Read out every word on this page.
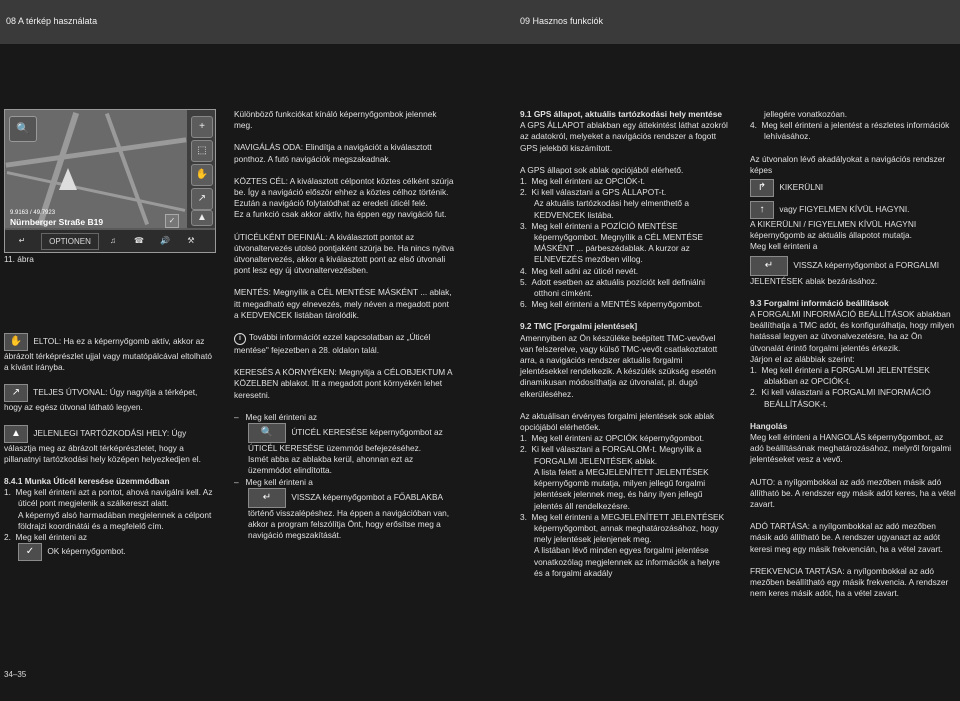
08 A térkép használata
🔍	+
⬚
✋
↗
▲
9.9163 / 49.7923
Nürnberger Straße B19	✓
↵	OPTIONEN	♫	☎	🔊	⚒
11. ábra

✋ ELTOL: Ha ez a képernyőgomb aktív, akkor az ábrázolt térképrészlet ujjal vagy mutatópálcával eltolható a kívánt irányba.

↗ TELJES ÚTVONAL: Úgy nagyítja a térképet, hogy az egész útvonal látható legyen.

▲ JELENLEGI TARTÓZKODÁSI HELY: Úgy választja meg az ábrázolt térképrészletet, hogy a pillanatnyi tartózkodási hely középen helyezkedjen el.

8.4.1 Munka Úticél keresése üzemmódban

1. Meg kell érinteni azt a pontot, ahová navigálni kell. Az úticél pont megjelenik a szálkereszt alatt.

A képernyő alsó harmadában megjelennek a célpont földrajzi koordinátái és a megfelelő cím.

2. Meg kell érinteni az

✓ OK képernyőgombot.

Különböző funkciókat kínáló képernyőgombok jelennek meg.

NAVIGÁLÁS ODA: Elindítja a navigációt a kiválasztott ponthoz. A futó navigációk megszakadnak.

KÖZTES CÉL: A kiválasztott célpontot köztes célként szúrja be. Így a navigáció először ehhez a köztes célhoz történik. Ezután a navigáció folytatódhat az eredeti úticél felé.

Ez a funkció csak akkor aktív, ha éppen egy navigáció fut.

ÚTICÉLKÉNT DEFINIÁL: A kiválasztott pontot az útvonaltervezés utolsó pontjaként szúrja be. Ha nincs nyitva útvonaltervezés, akkor a kiválasztott pont az első útvonali pont lesz egy új útvonaltervezésben.

MENTÉS: Megnyílik a CÉL MENTÉSE MÁSKÉNT ... ablak, itt megadható egy elnevezés, mely néven a megadott pont a KEDVENCEK listában tárolódik.

i További információt ezzel kapcsolatban az „Úticél mentése" fejezetben a 28. oldalon talál.

KERESÉS A KÖRNYÉKEN: Megnyitja a CÉLOBJEKTUM A KÖZELBEN ablakot. Itt a megadott pont környékén lehet keresetni.

– Meg kell érinteni az

🔍 ÚTICÉL KERESÉSE képernyőgombot az ÚTICÉL KERESÉSE üzemmód befejezéséhez.

Ismét abba az ablakba kerül, ahonnan ezt az üzemmódot elindította.

– Meg kell érinteni a

↵ VISSZA képernyőgombot a FŐABLAKBA történő visszalépéshez. Ha éppen a navigációban van, akkor a program felszólítja Önt, hogy erősítse meg a navigáció megszakítását.

34–35
09 Hasznos funkciók

9.1 GPS állapot, aktuális tartózkodási hely mentése

A GPS ÁLLAPOT ablakban egy áttekintést láthat azokról az adatokról, melyeket a navigációs rendszer a fogott GPS jelekből kiszámított.

A GPS állapot sok ablak opciójából elérhető.

1.  Meg kell érinteni az OPCIÓK-t.

2.  Ki kell választani a GPS ÁLLAPOT-t.

Az aktuális tartózkodási hely elmenthető a KEDVENCEK listába.

3.  Meg kell érinteni a POZÍCIÓ MENTÉSE képernyőgombot. Megnyílik a CÉL MENTÉSE MÁSKÉNT ... párbeszédablak. A kurzor az ELNEVEZÉS mezőben villog.

4.  Meg kell adni az úticél nevét.

5.  Adott esetben az aktuális pozíciót kell definiálni otthoni címként.

6.  Meg kell érinteni a MENTÉS képernyőgombot.

9.2 TMC [Forgalmi jelentések]

Amennyiben az Ön készüléke beépített TMC-vevővel van felszerelve, vagy külső TMC-vevőt csatlakoztatott arra, a navigációs rendszer aktuális forgalmi jelentésekkel rendelkezik. A készülék szükség esetén dinamikusan módosíthatja az útvonalat, pl. dugó elkerüléséhez.

Az aktuálisan érvényes forgalmi jelentések sok ablak opciójából elérhetőek.

1.  Meg kell érinteni az OPCIÓK képernyőgombot.

2.  Ki kell választani a FORGALOM-t. Megnyílik a FORGALMI JELENTÉSEK ablak.

A lista felett a MEGJELENÍTETT JELENTÉSEK képernyőgomb mutatja, milyen jellegű forgalmi jelentések jelennek meg, és hány ilyen jellegű jelentés áll rendelkezésre.

3.  Meg kell érinteni a MEGJELENÍTETT JELENTÉSEK képernyőgombot, annak meghatározásához, hogy mely jelentések jelenjenek meg.

A listában lévő minden egyes forgalmi jelentése vonatkozólag megjelennek az információk a helyre és a forgalmi akadály

jellegére vonatkozóan.

4.  Meg kell érinteni a jelentést a részletes információk lehívásához.

Az útvonalon lévő akadályokat a navigációs rendszer képes

↱ KIKERÜLNI

↑ vagy FIGYELMEN KÍVÜL HAGYNI.

A KIKERÜLNI / FIGYELMEN KÍVÜL HAGYNI képernyőgomb az aktuális állapotot mutatja.

Meg kell érinteni a

↵ VISSZA képernyőgombot a FORGALMI JELENTÉSEK ablak bezárásához.

9.3 Forgalmi információ beállítások

A FORGALMI INFORMÁCIÓ BEÁLLÍTÁSOK ablakban beállíthatja a TMC adót, és konfigurálhatja, hogy milyen hatással legyen az útvonalvezetésre, ha az Ön útvonalát érintő forgalmi jelentés érkezik.

Járjon el az alábbiak szerint:

1.  Meg kell érinteni a FORGALMI JELENTÉSEK ablakban az OPCIÓK-t.

2.  Ki kell választani a FORGALMI INFORMÁCIÓ BEÁLLÍTÁSOK-t.

Hangolás

Meg kell érinteni a HANGOLÁS képernyőgombot, az adó beállításának meghatározásához, melyről forgalmi jelentéseket vesz a vevő.

AUTO: a nyílgombokkal az adó mezőben másik adó állítható be. A rendszer egy másik adót keres, ha a vétel zavart.

ADÓ TARTÁSA: a nyílgombokkal az adó mezőben másik adó állítható be. A rendszer ugyanazt az adót keresi meg egy másik frekvencián, ha a vétel zavart.

FREKVENCIA TARTÁSA: a nyílgombokkal az adó mezőben beállítható egy másik frekvencia. A rendszer nem keres másik adót, ha a vétel zavart.
